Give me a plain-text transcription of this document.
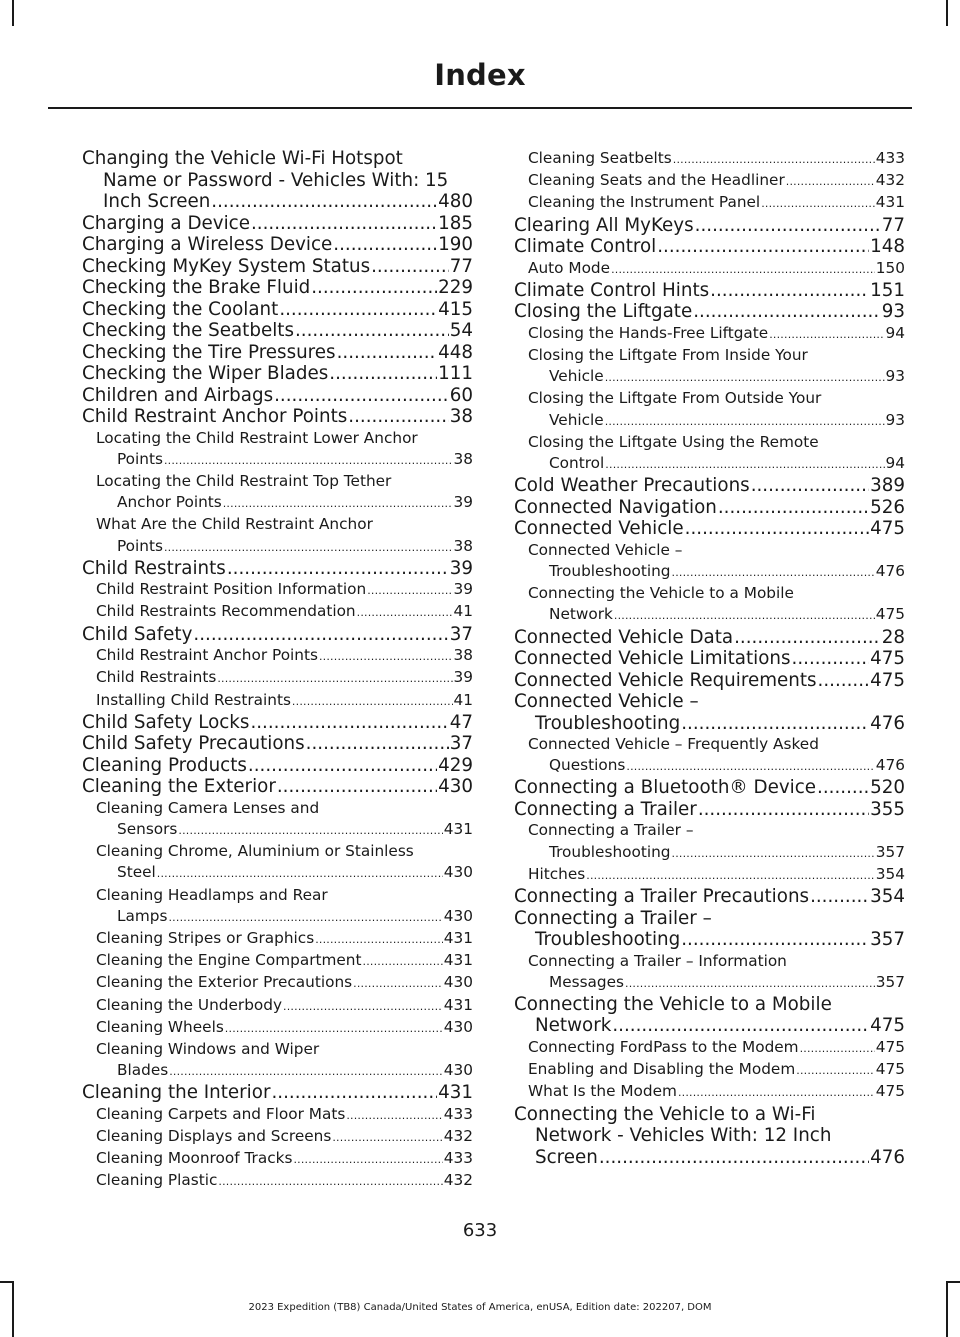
Index
Changing the Vehicle Wi-Fi Hotspot
Name or Password - Vehicles With: 15
Inch Screen .....	480
Charging a Device .....	185
Charging a Wireless Device .....	190
Checking MyKey System Status .....	77
Checking the Brake Fluid .....	229
Checking the Coolant .....	415
Checking the Seatbelts .....	54
Checking the Tire Pressures .....	448
Checking the Wiper Blades .....	111
Children and Airbags .....	60
Child Restraint Anchor Points .....	38
Locating the Child Restraint Lower Anchor
Points .....	38
Locating the Child Restraint Top Tether
Anchor Points .....	39
What Are the Child Restraint Anchor
Points .....	38
Child Restraints .....	39
Child Restraint Position Information .....	39
Child Restraints Recommendation .....	41
Child Safety .....	37
Child Restraint Anchor Points .....	38
Child Restraints .....	39
Installing Child Restraints .....	41
Child Safety Locks .....	47
Child Safety Precautions .....	37
Cleaning Products .....	429
Cleaning the Exterior .....	430
Cleaning Camera Lenses and
Sensors .....	431
Cleaning Chrome, Aluminium or Stainless
Steel .....	430
Cleaning Headlamps and Rear
Lamps .....	430
Cleaning Stripes or Graphics .....	431
Cleaning the Engine Compartment .....	431
Cleaning the Exterior Precautions .....	430
Cleaning the Underbody .....	431
Cleaning Wheels .....	430
Cleaning Windows and Wiper
Blades .....	430
Cleaning the Interior .....	431
Cleaning Carpets and Floor Mats .....	433
Cleaning Displays and Screens .....	432
Cleaning Moonroof Tracks .....	433
Cleaning Plastic .....	432
Cleaning Seatbelts .....	433
Cleaning Seats and the Headliner .....	432
Cleaning the Instrument Panel .....	431
Clearing All MyKeys .....	77
Climate Control .....	148
Auto Mode .....	150
Climate Control Hints .....	151
Closing the Liftgate .....	93
Closing the Hands-Free Liftgate .....	94
Closing the Liftgate From Inside Your
Vehicle .....	93
Closing the Liftgate From Outside Your
Vehicle .....	93
Closing the Liftgate Using the Remote
Control .....	94
Cold Weather Precautions .....	389
Connected Navigation .....	526
Connected Vehicle .....	475
Connected Vehicle –
Troubleshooting .....	476
Connecting the Vehicle to a Mobile
Network .....	475
Connected Vehicle Data .....	28
Connected Vehicle Limitations .....	475
Connected Vehicle Requirements .....	475
Connected Vehicle –
Troubleshooting .....	476
Connected Vehicle – Frequently Asked
Questions .....	476
Connecting a Bluetooth® Device .....	520
Connecting a Trailer .....	355
Connecting a Trailer –
Troubleshooting .....	357
Hitches .....	354
Connecting a Trailer Precautions .....	354
Connecting a Trailer –
Troubleshooting .....	357
Connecting a Trailer – Information
Messages .....	357
Connecting the Vehicle to a Mobile
Network .....	475
Connecting FordPass to the Modem .....	475
Enabling and Disabling the Modem .....	475
What Is the Modem .....	475
Connecting the Vehicle to a Wi-Fi
Network - Vehicles With: 12 Inch
Screen .....	476
633
2023 Expedition (TB8) Canada/United States of America, enUSA, Edition date: 202207, DOM
